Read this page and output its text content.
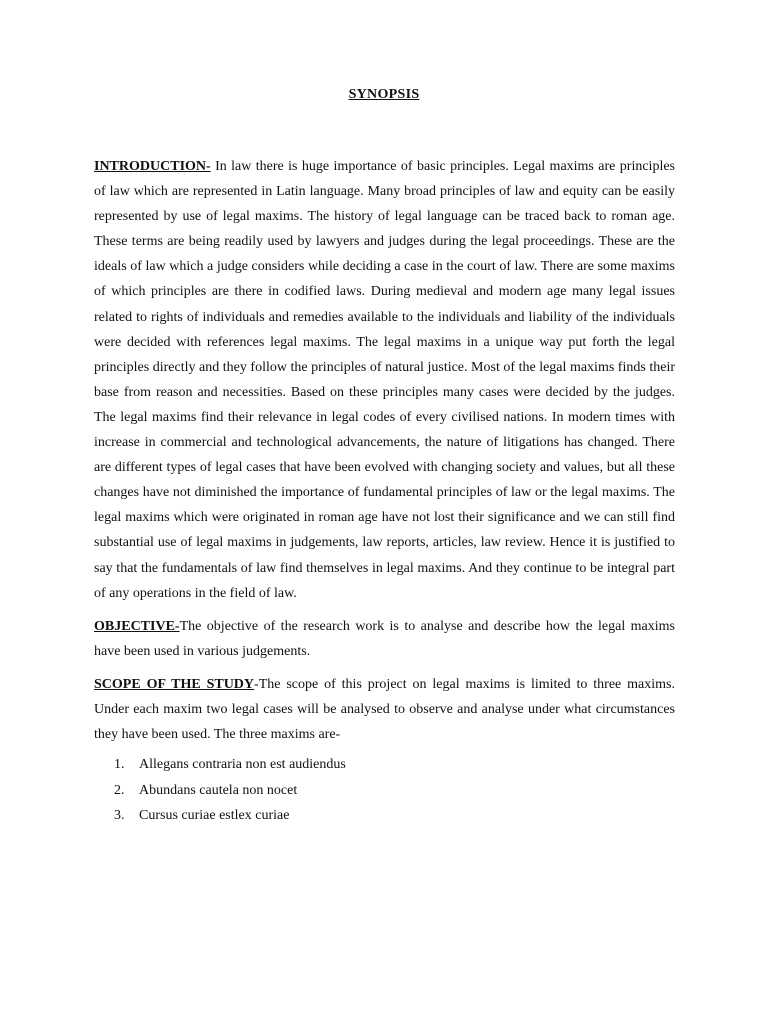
SYNOPSIS

INTRODUCTION- In law there is huge importance of basic principles. Legal maxims are principles of law which are represented in Latin language. Many broad principles of law and equity can be easily represented by use of legal maxims. The history of legal language can be traced back to roman age. These terms are being readily used by lawyers and judges during the legal proceedings. These are the ideals of law which a judge considers while deciding a case in the court of law. There are some maxims of which principles are there in codified laws. During medieval and modern age many legal issues related to rights of individuals and remedies available to the individuals and liability of the individuals were decided with references legal maxims. The legal maxims in a unique way put forth the legal principles directly and they follow the principles of natural justice. Most of the legal maxims finds their base from reason and necessities. Based on these principles many cases were decided by the judges. The legal maxims find their relevance in legal codes of every civilised nations. In modern times with increase in commercial and technological advancements, the nature of litigations has changed. There are different types of legal cases that have been evolved with changing society and values, but all these changes have not diminished the importance of fundamental principles of law or the legal maxims. The legal maxims which were originated in roman age have not lost their significance and we can still find substantial use of legal maxims in judgements, law reports, articles, law review. Hence it is justified to say that the fundamentals of law find themselves in legal maxims. And they continue to be integral part of any operations in the field of law.

OBJECTIVE-The objective of the research work is to analyse and describe how the legal maxims have been used in various judgements.

SCOPE OF THE STUDY-The scope of this project on legal maxims is limited to three maxims. Under each maxim two legal cases will be analysed to observe and analyse under what circumstances they have been used. The three maxims are-

1. Allegans contraria non est audiendus
2. Abundans cautela non nocet
3. Cursus curiae estlex curiae
